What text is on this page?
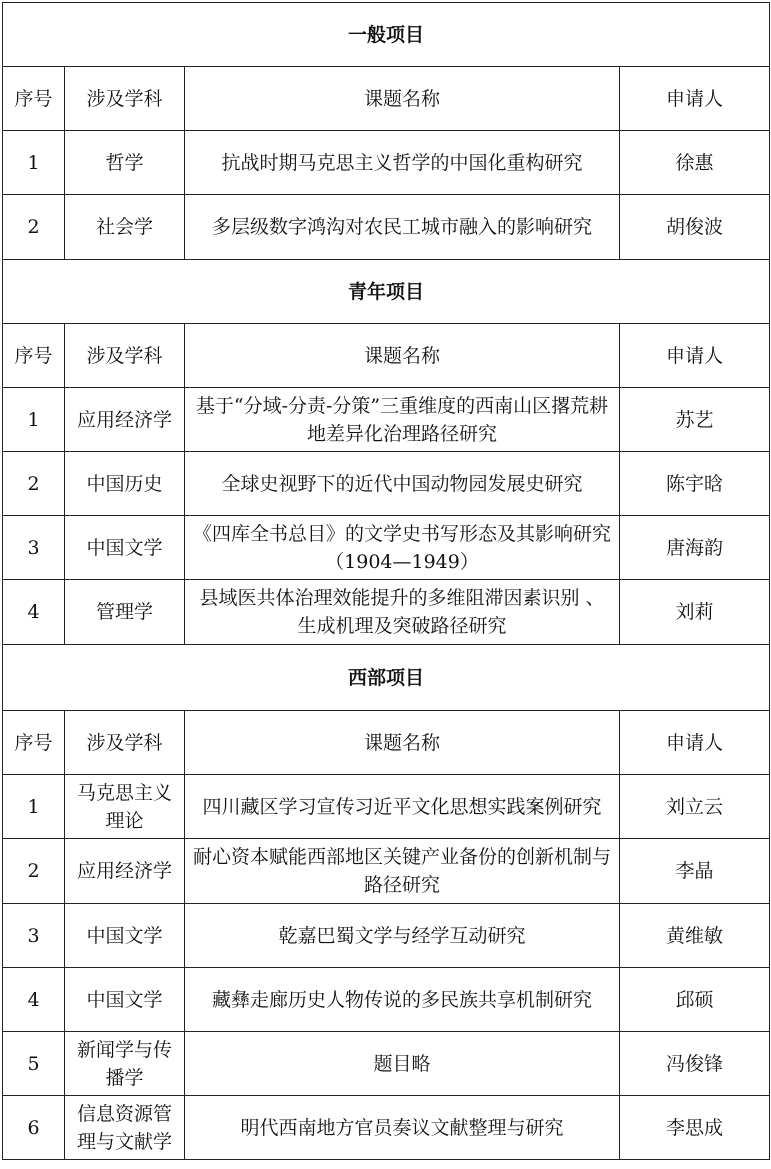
一般项目			
序号	涉及学科	课题名称	申请人
1	哲学	抗战时期马克思主义哲学的中国化重构研究	徐惠
2	社会学	多层级数字鸿沟对农民工城市融入的影响研究	胡俊波
青年项目			
序号	涉及学科	课题名称	申请人
1	应用经济学	基于“分域-分责-分策”三重维度的西南山区撂荒耕地差异化治理路径研究	苏艺
2	中国历史	全球史视野下的近代中国动物园发展史研究	陈宇晗
3	中国文学	《四库全书总目》的文学史书写形态及其影响研究（1904—1949）	唐海韵
4	管理学	县域医共体治理效能提升的多维阻滞因素识别 、生成机理及突破路径研究	刘莉
西部项目			
序号	涉及学科	课题名称	申请人
1	马克思主义理论	四川藏区学习宣传习近平文化思想实践案例研究	刘立云
2	应用经济学	耐心资本赋能西部地区关键产业备份的创新机制与路径研究	李晶
3	中国文学	乾嘉巴蜀文学与经学互动研究	黄维敏
4	中国文学	藏彝走廊历史人物传说的多民族共享机制研究	邱硕
5	新闻学与传播学	题目略	冯俊锋
6	信息资源管理与文献学	明代西南地方官员奏议文献整理与研究	李思成
